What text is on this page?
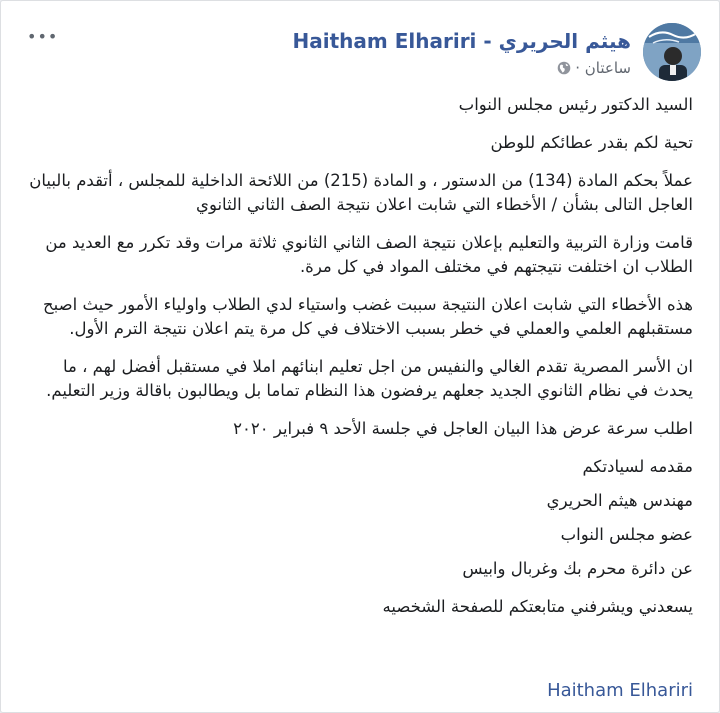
هيثم الحريري - Haitham Elhariri
ساعتان ·
•••

السيد الدكتور رئيس مجلس النواب

تحية لكم بقدر عطائكم للوطن

عملاً بحكم المادة (134) من الدستور ، و المادة (215) من اللائحة الداخلية للمجلس ، أتقدم بالبيان العاجل التالى بشأن / الأخطاء التي شابت اعلان نتيجة الصف الثاني الثانوي

قامت وزارة التربية والتعليم بإعلان نتيجة الصف الثاني الثانوي ثلاثة مرات وقد تكرر مع العديد من الطلاب ان اختلفت نتيجتهم في مختلف المواد في كل مرة.

هذه الأخطاء التي شابت اعلان النتيجة سببت غضب واستياء لدي الطلاب واولياء الأمور حيث اصبح مستقبلهم العلمي والعملي في خطر بسبب الاختلاف في كل مرة يتم اعلان نتيجة الترم الأول.

ان الأسر المصرية تقدم الغالي والنفيس من اجل تعليم ابنائهم املا في مستقبل أفضل لهم ، ما يحدث في نظام الثانوي الجديد جعلهم يرفضون هذا النظام تماما بل ويطالبون باقالة وزير التعليم.

اطلب سرعة عرض هذا البيان العاجل في جلسة الأحد ٩ فبراير ٢٠٢٠

مقدمه لسيادتكم

مهندس هيثم الحريري

عضو مجلس النواب

عن دائرة محرم بك وغربال وابيس

يسعدني ويشرفني متابعتكم للصفحة الشخصيه

Haitham Elhariri
